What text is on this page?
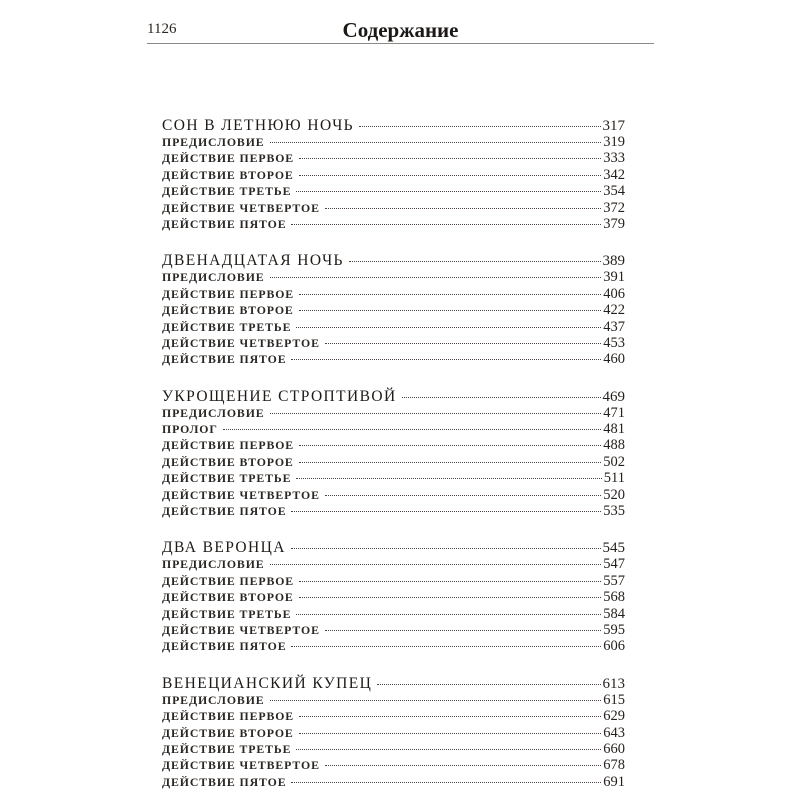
1126	Содержание
СОН В ЛЕТНЮЮ НОЧЬ	317
ПРЕДИСЛОВИЕ	319
ДЕЙСТВИЕ ПЕРВОЕ	333
ДЕЙСТВИЕ ВТОРОЕ	342
ДЕЙСТВИЕ ТРЕТЬЕ	354
ДЕЙСТВИЕ ЧЕТВЕРТОЕ	372
ДЕЙСТВИЕ ПЯТОЕ	379
ДВЕНАДЦАТАЯ НОЧЬ	389
ПРЕДИСЛОВИЕ	391
ДЕЙСТВИЕ ПЕРВОЕ	406
ДЕЙСТВИЕ ВТОРОЕ	422
ДЕЙСТВИЕ ТРЕТЬЕ	437
ДЕЙСТВИЕ ЧЕТВЕРТОЕ	453
ДЕЙСТВИЕ ПЯТОЕ	460
УКРОЩЕНИЕ СТРОПТИВОЙ	469
ПРЕДИСЛОВИЕ	471
ПРОЛОГ	481
ДЕЙСТВИЕ ПЕРВОЕ	488
ДЕЙСТВИЕ ВТОРОЕ	502
ДЕЙСТВИЕ ТРЕТЬЕ	511
ДЕЙСТВИЕ ЧЕТВЕРТОЕ	520
ДЕЙСТВИЕ ПЯТОЕ	535
ДВА ВЕРОНЦА	545
ПРЕДИСЛОВИЕ	547
ДЕЙСТВИЕ ПЕРВОЕ	557
ДЕЙСТВИЕ ВТОРОЕ	568
ДЕЙСТВИЕ ТРЕТЬЕ	584
ДЕЙСТВИЕ ЧЕТВЕРТОЕ	595
ДЕЙСТВИЕ ПЯТОЕ	606
ВЕНЕЦИАНСКИЙ КУПЕЦ	613
ПРЕДИСЛОВИЕ	615
ДЕЙСТВИЕ ПЕРВОЕ	629
ДЕЙСТВИЕ ВТОРОЕ	643
ДЕЙСТВИЕ ТРЕТЬЕ	660
ДЕЙСТВИЕ ЧЕТВЕРТОЕ	678
ДЕЙСТВИЕ ПЯТОЕ	691
